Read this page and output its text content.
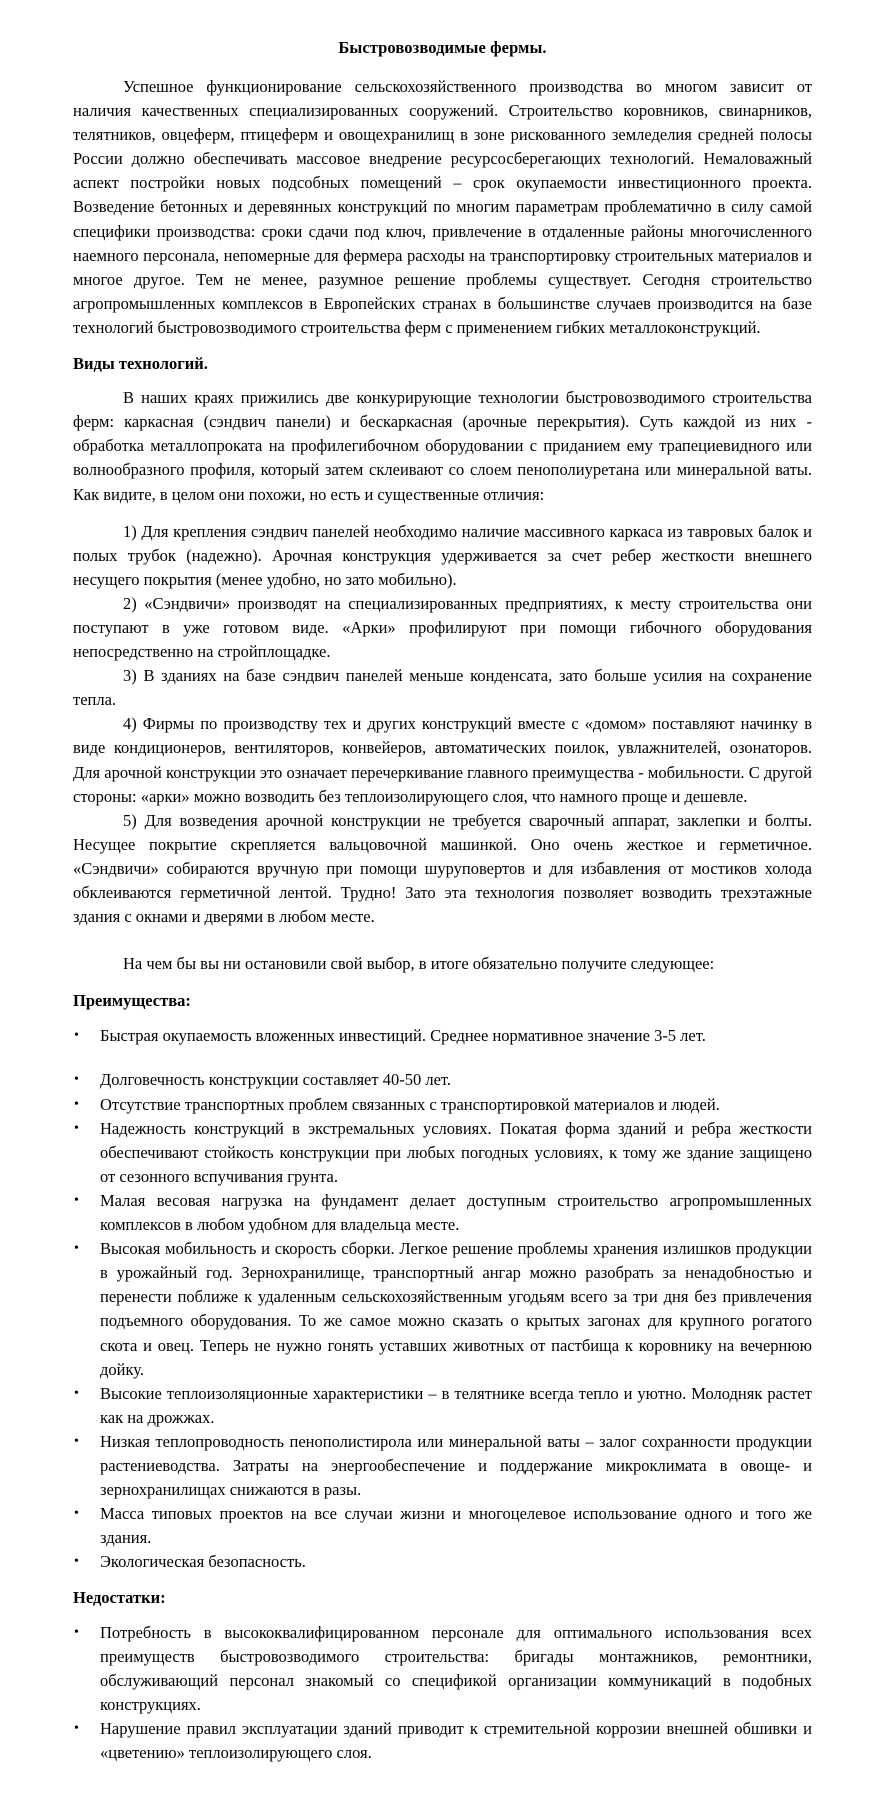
Быстровозводимые фермы.

Успешное функционирование сельскохозяйственного производства во многом зависит от наличия качественных специализированных сооружений. Строительство коровников, свинарников, телятников, овцеферм, птицеферм и овощехранилищ в зоне рискованного земледелия средней полосы России должно обеспечивать массовое внедрение ресурсосберегающих технологий. Немаловажный аспект постройки новых подсобных помещений – срок окупаемости инвестиционного проекта. Возведение бетонных и деревянных конструкций по многим параметрам проблематично в силу самой специфики производства: сроки сдачи под ключ, привлечение в отдаленные районы многочисленного наемного персонала, непомерные для фермера расходы на транспортировку строительных материалов и многое другое. Тем не менее, разумное решение проблемы существует. Сегодня строительство агропромышленных комплексов в Европейских странах в большинстве случаев производится на базе технологий быстровозводимого строительства ферм с применением гибких металлоконструкций.

Виды технологий.

В наших краях прижились две конкурирующие технологии быстровозводимого строительства ферм: каркасная (сэндвич панели) и бескаркасная (арочные перекрытия). Суть каждой из них - обработка металлопроката на профилегибочном оборудовании с приданием ему трапециевидного или волнообразного профиля, который затем склеивают со слоем пенополиуретана или минеральной ваты. Как видите, в целом они похожи, но есть и существенные отличия:

1) Для крепления сэндвич панелей необходимо наличие массивного каркаса из тавровых балок и полых трубок (надежно). Арочная конструкция удерживается за счет ребер жесткости внешнего несущего покрытия (менее удобно, но зато мобильно).

2) «Сэндвичи» производят на специализированных предприятиях, к месту строительства они поступают в уже готовом виде. «Арки» профилируют при помощи гибочного оборудования непосредственно на стройплощадке.

3) В зданиях на базе сэндвич панелей меньше конденсата, зато больше усилия на сохранение тепла.

4) Фирмы по производству тех и других конструкций вместе с «домом» поставляют начинку в виде кондиционеров, вентиляторов, конвейеров, автоматических поилок, увлажнителей, озонаторов. Для арочной конструкции это означает перечеркивание главного преимущества - мобильности. С другой стороны: «арки» можно возводить без теплоизолирующего слоя, что намного проще и дешевле.

5) Для возведения арочной конструкции не требуется сварочный аппарат, заклепки и болты. Несущее покрытие скрепляется вальцовочной машинкой. Оно очень жесткое и герметичное. «Сэндвичи» собираются вручную при помощи шуруповертов и для избавления от мостиков холода обклеиваются герметичной лентой. Трудно! Зато эта технология позволяет возводить трехэтажные здания с окнами и дверями в любом месте.

На чем бы вы ни остановили свой выбор, в итоге обязательно получите следующее:

Преимущества:
• Быстрая окупаемость вложенных инвестиций. Среднее нормативное значение 3-5 лет.
• Долговечность конструкции составляет 40-50 лет.
• Отсутствие транспортных проблем связанных с транспортировкой материалов и людей.
• Надежность конструкций в экстремальных условиях. Покатая форма зданий и ребра жесткости обеспечивают стойкость конструкции при любых погодных условиях, к тому же здание защищено от сезонного вспучивания грунта.
• Малая весовая нагрузка на фундамент делает доступным строительство агропромышленных комплексов в любом удобном для владельца месте.
• Высокая мобильность и скорость сборки. Легкое решение проблемы хранения излишков продукции в урожайный год. Зернохранилище, транспортный ангар можно разобрать за ненадобностью и перенести поближе к удаленным сельскохозяйственным угодьям всего за три дня без привлечения подъемного оборудования. То же самое можно сказать о крытых загонах для крупного рогатого скота и овец. Теперь не нужно гонять уставших животных от пастбища к коровнику на вечернюю дойку.
• Высокие теплоизоляционные характеристики – в телятнике всегда тепло и уютно. Молодняк растет как на дрожжах.
• Низкая теплопроводность пенополистирола или минеральной ваты – залог сохранности продукции растениеводства. Затраты на энергообеспечение и поддержание микроклимата в овоще- и зернохранилищах снижаются в разы.
• Масса типовых проектов на все случаи жизни и многоцелевое использование одного и того же здания.
• Экологическая безопасность.
Недостатки:
• Потребность в высококвалифицированном персонале для оптимального использования всех преимуществ быстровозводимого строительства: бригады монтажников, ремонтники, обслуживающий персонал знакомый со спецификой организации коммуникаций в подобных конструкциях.
• Нарушение правил эксплуатации зданий приводит к стремительной коррозии внешней обшивки и «цветению» теплоизолирующего слоя.
